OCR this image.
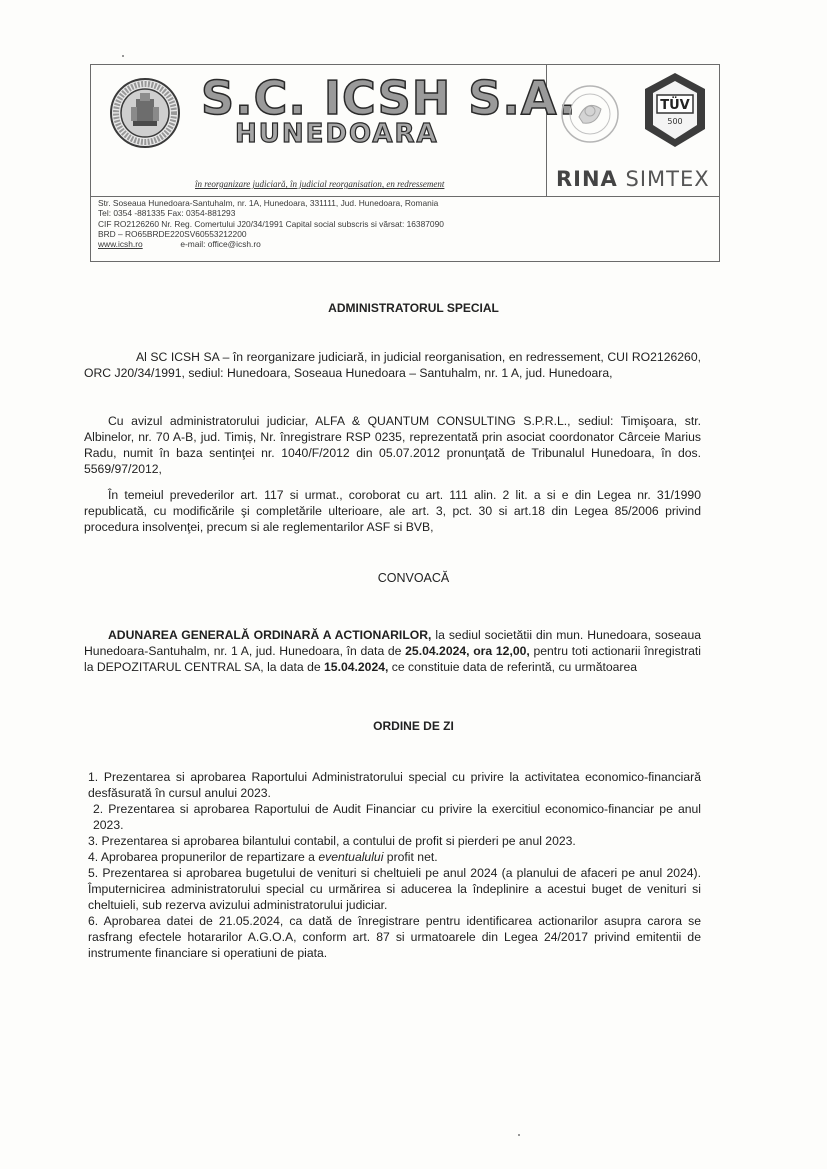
S.C. ICSH S.A.
HUNEDOARA
în reorganizare judiciară, în judicial reorganisation, en redressement
TÜV
500
RINA SIMTEX
Str. Soseaua Hunedoara-Santuhalm, nr. 1A, Hunedoara, 331111, Jud. Hunedoara, Romania
Tel: 0354 -881335 Fax: 0354-881293
CIF RO2126260 Nr. Reg. Comertului J20/34/1991 Capital social subscris si vărsat: 16387090
BRD – RO65BRDE220SV60553212200
www.icsh.ro	e-mail: office@icsh.ro
ADMINISTRATORUL SPECIAL
Al SC ICSH SA – în reorganizare judiciară, in judicial reorganisation, en redressement, CUI RO2126260, ORC J20/34/1991, sediul: Hunedoara, Soseaua Hunedoara – Santuhalm, nr. 1 A, jud. Hunedoara,
Cu avizul administratorului judiciar, ALFA & QUANTUM CONSULTING S.P.R.L., sediul: Timişoara, str. Albinelor, nr. 70 A-B, jud. Timiș, Nr. înregistrare RSP 0235, reprezentată prin asociat coordonator Cârceie Marius Radu, numit în baza sentinţei nr. 1040/F/2012 din 05.07.2012 pronunţată de Tribunalul Hunedoara, în dos. 5569/97/2012,
În temeiul prevederilor art. 117 si urmat., coroborat cu art. 111 alin. 2 lit. a si e din Legea nr. 31/1990 republicată, cu modificările şi completările ulterioare, ale art. 3, pct. 30 si art.18 din Legea 85/2006 privind procedura insolvenţei, precum si ale reglementarilor ASF si BVB,
CONVOACĂ
ADUNAREA GENERALĂ ORDINARĂ A ACTIONARILOR, la sediul societătii din mun. Hunedoara, soseaua Hunedoara-Santuhalm, nr. 1 A, jud. Hunedoara, în data de 25.04.2024, ora 12,00, pentru toti actionarii înregistrati la DEPOZITARUL CENTRAL SA, la data de 15.04.2024, ce constituie data de referintă, cu următoarea
ORDINE DE ZI
1. Prezentarea si aprobarea Raportului Administratorului special cu privire la activitatea economico-financiară desfăsurată în cursul anului 2023.
2. Prezentarea si aprobarea Raportului de Audit Financiar cu privire la exercitiul economico-financiar pe anul 2023.
3. Prezentarea si aprobarea bilantului contabil, a contului de profit si pierderi pe anul 2023.
4. Aprobarea propunerilor de repartizare a eventualului profit net.
5. Prezentarea si aprobarea bugetului de venituri si cheltuieli pe anul 2024 (a planului de afaceri pe anul 2024). Împuternicirea administratorului special cu urmărirea si aducerea la îndeplinire a acestui buget de venituri si cheltuieli, sub rezerva avizului administratorului judiciar.
6. Aprobarea datei de 21.05.2024, ca dată de înregistrare pentru identificarea actionarilor asupra carora se rasfrang efectele hotararilor A.G.O.A, conform art. 87 si urmatoarele din Legea 24/2017 privind emitentii de instrumente financiare si operatiuni de piata.
